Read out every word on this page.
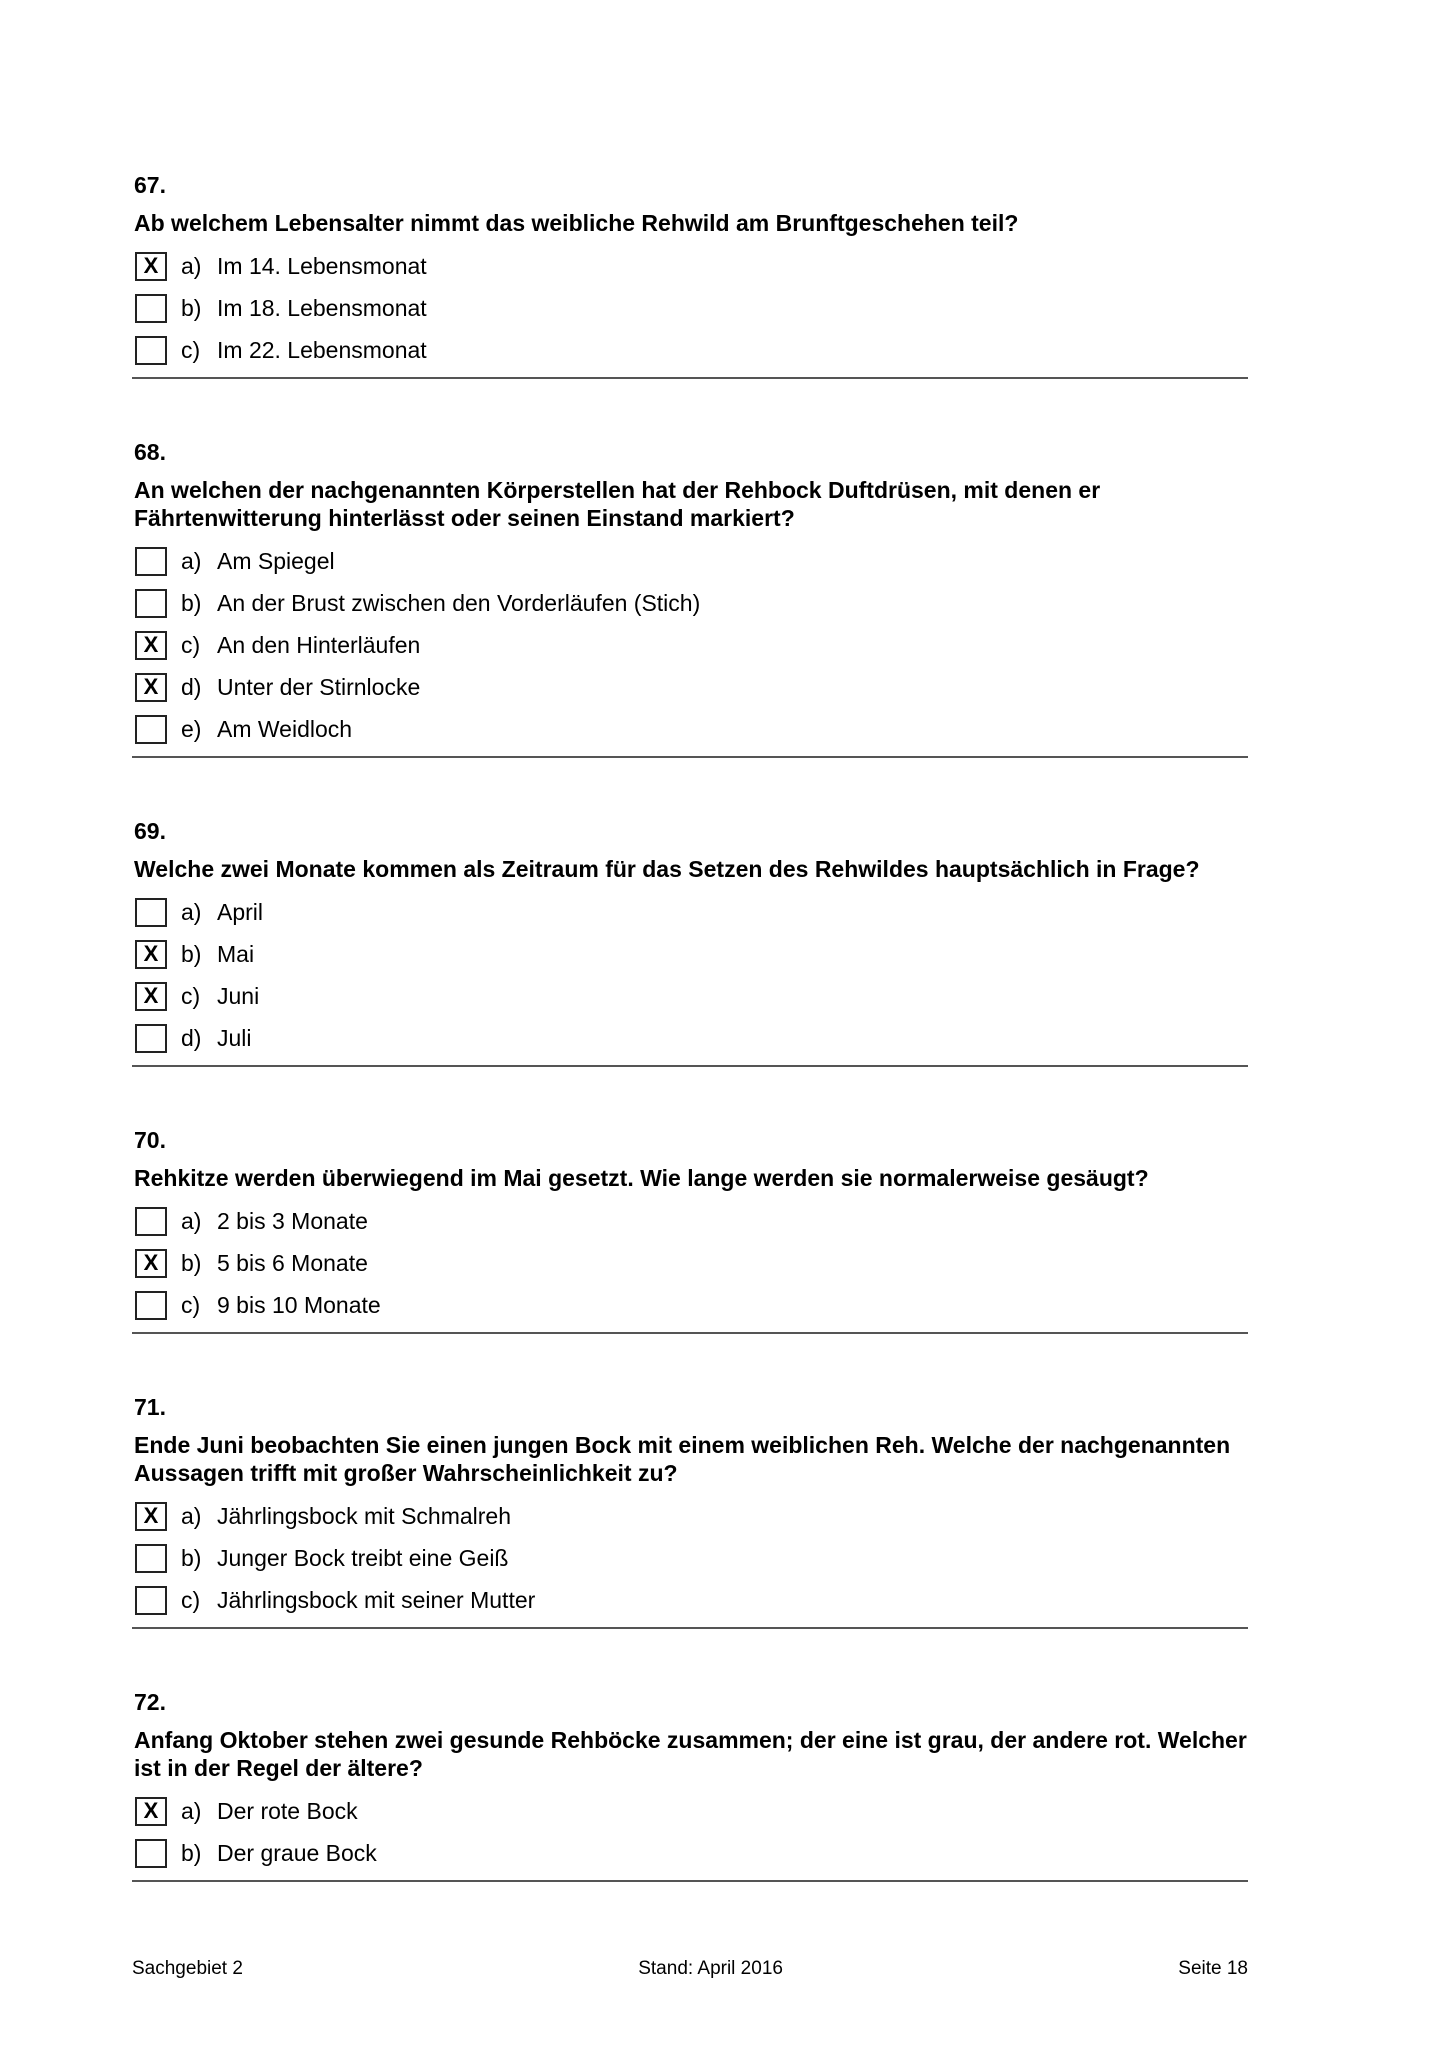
67.
Ab welchem Lebensalter nimmt das weibliche Rehwild am Brunftgeschehen teil?
X a) Im 14. Lebensmonat
b) Im 18. Lebensmonat
c) Im 22. Lebensmonat
68.
An welchen der nachgenannten Körperstellen hat der Rehbock Duftdrüsen, mit denen er Fährtenwitterung hinterlässt oder seinen Einstand markiert?
a) Am Spiegel
b) An der Brust zwischen den Vorderläufen (Stich)
X c) An den Hinterläufen
X d) Unter der Stirnlocke
e) Am Weidloch
69.
Welche zwei Monate kommen als Zeitraum für das Setzen des Rehwildes hauptsächlich in Frage?
a) April
X b) Mai
X c) Juni
d) Juli
70.
Rehkitze werden überwiegend im Mai gesetzt. Wie lange werden sie normalerweise gesäugt?
a) 2 bis 3 Monate
X b) 5 bis 6 Monate
c) 9 bis 10 Monate
71.
Ende Juni beobachten Sie einen jungen Bock mit einem weiblichen Reh. Welche der nachgenannten Aussagen trifft mit großer Wahrscheinlichkeit zu?
X a) Jährlingsbock mit Schmalreh
b) Junger Bock treibt eine Geiß
c) Jährlingsbock mit seiner Mutter
72.
Anfang Oktober stehen zwei gesunde Rehböcke zusammen; der eine ist grau, der andere rot. Welcher ist in der Regel der ältere?
X a) Der rote Bock
b) Der graue Bock
Sachgebiet 2	Stand: April 2016	Seite 18
